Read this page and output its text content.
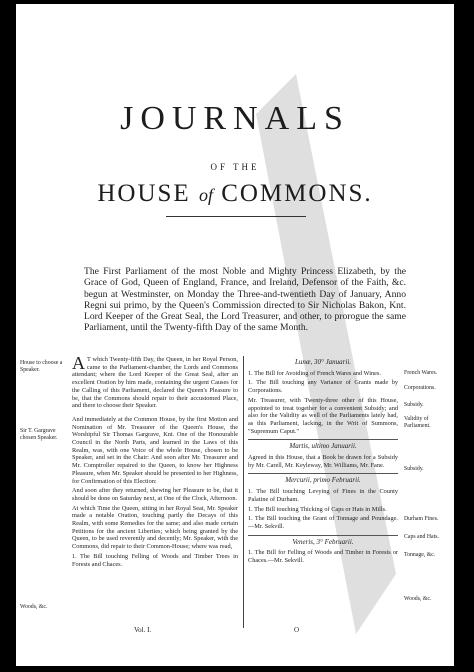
JOURNALS
OF THE
HOUSE of COMMONS.
The First Parliament of the most Noble and Mighty Princess Elizabeth, by the Grace of God, Queen of England, France, and Ireland, Defensor of the Faith, &c. begun at Westminster, on Monday the Three-and-twentieth Day of January, Anno Regni sui primo, by the Queen's Commission directed to Sir Nicholas Bakon, Knt. Lord Keeper of the Great Seal, the Lord Treasurer, and other, to prorogue the same Parliament, until the Twenty-fifth Day of the same Month.
House to choose a Speaker.
Sir T. Gargrave chosen Speaker.
Woods, &c.
A T which Twenty-fifth Day, the Queen, in her Royal Person, came to the Parliament-chamber, the Lords and Commons attendant; where the Lord Keeper of the Great Seal, after an excellent Oration by him made, containing the urgent Causes for the Calling of this Parliament, declared the Queen's Pleasure to be, that the Commons should repair to their accustomed Place, and there to choose their Speaker.

And immediately at the Common House, by the first Motion and Nomination of Mr. Treasurer of the Queen's House, the Worshipful Sir Thomas Gargrave, Knt. One of the Honourable Council in the North Parts, and learned in the Laws of this Realm, was, with one Voice of the whole House, chosen to be Speaker, and set in the Chair: And soon after Mr. Treasurer and Mr. Comptroller repaired to the Queen, to know her Highness Pleasure, when Mr. Speaker should be presented to her Highness, for Confirmation of this Election:

And soon after they returned, shewing her Pleasure to be, that it should be done on Saturday next, at One of the Clock, Afternoon.

At which Time the Queen, sitting in her Royal Seat, Mr. Speaker made a notable Oration, touching partly the Decays of this Realm, with some Remedies for the same; and also made certain Petitions for the ancient Liberties; which being granted by the Queen, to be used reverently and decently; Mr. Speaker, with the Commons, did repair to their Common-House; where was read,

1. The Bill touching Felling of Woods and Timber Trees in Forests and Chaces.

Lunæ, 30° Januarii.

1. The Bill for Avoiding of French Wares and Wines.

1. The Bill touching any Variance of Grants made by Corporations.

Mr. Treasurer, with Twenty-three other of this House, appointed to treat together for a convenient Subsidy; and also for the Validity as well of the Parliaments lately had, as this Parliament, lacking, in the Writ of Summons, "Supremum Caput."

Martis, ultimo Januarii.

Agreed in this House, that a Book be drawn for a Subsidy by Mr. Carell, Mr. Keyleway, Mr. Williams, Mr. Fane.

Mercurii, primo Februarii.

1. The Bill touching Levying of Fines in the County Palatine of Durham.

1. The Bill touching Thicking of Caps or Hats in Mills.

1. The Bill touching the Grant of Tonnage and Poundage.—Mr. Sekvill.

Veneris, 3° Februarii.

1. The Bill for Felling of Woods and Timber in Forests or Chaces.—Mr. Sekvill.

French Wares.
Corporations.
Subsidy.
Validity of Parliament.
Subsidy.
Durham Fines.
Caps and Hats.
Tonnage, &c.
Woods, &c.
Vol. I.	O
